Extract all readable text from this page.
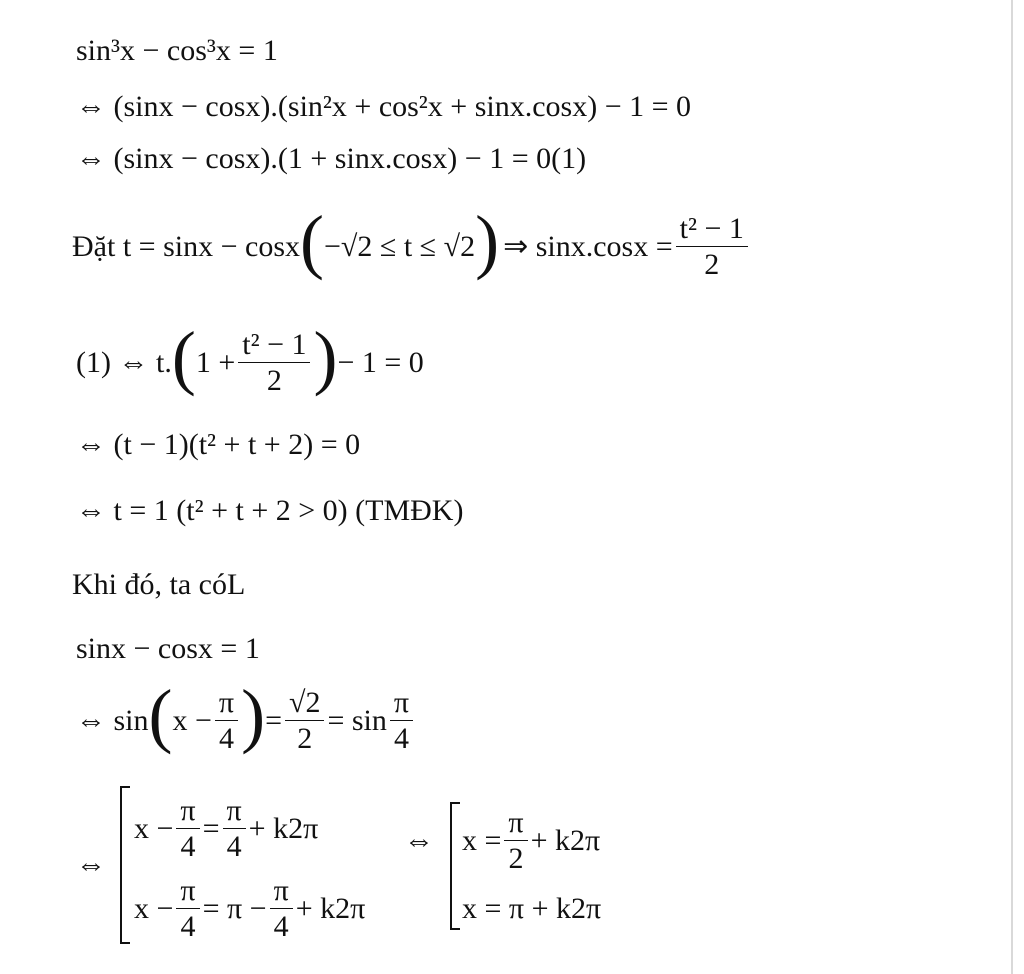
sin³x − cos³x = 1
⇔ (sinx − cosx).(sin²x + cos²x + sinx.cosx) − 1 = 0
⇔ (sinx − cosx).(1 + sinx.cosx) − 1 = 0(1)
Đặt t = sinx − cosx ( −√2 ≤ t ≤ √2 ) ⇒ $\sin x.\cos x = \frac{\text{t² − 1}}{2}$
(1) ⇔ t. ( $1 + \frac{\text{t² − 1}}{2}$ ) − 1 = 0
⇔ (t − 1)(t² + t + 2) = 0
⇔ t = 1 (t² + t + 2 > 0) (TMĐK)
Khi đó, ta cóL
sinx − cosx = 1
⇔ sin ( $x - \frac{\pi}{4}$ ) = $\frac{√2}{2} = \sin \frac{\pi}{4}$
⇔
$x - \frac{\pi}{4} = \frac{\pi}{4} + k2\pi$
$x - \frac{\pi}{4} = \pi - \frac{\pi}{4} + k2\pi$
⇔ $x = \frac{\pi}{2} + k2\pi$
x = π + k2π
